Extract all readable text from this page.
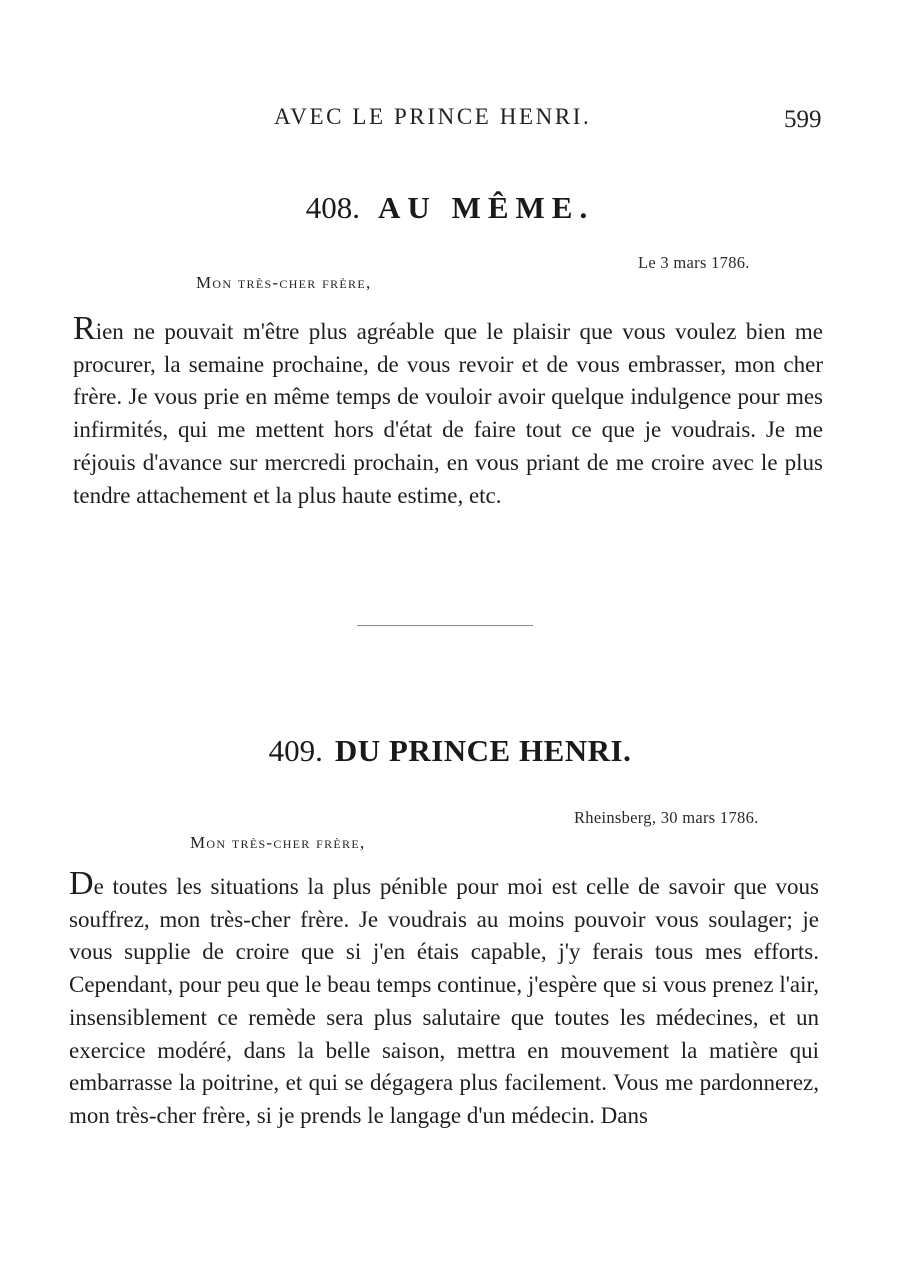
AVEC LE PRINCE HENRI.	599
408. AU MÊME.
Le 3 mars 1786.
Mon très-cher frère,

Rien ne pouvait m'être plus agréable que le plaisir que vous voulez bien me procurer, la semaine prochaine, de vous revoir et de vous embrasser, mon cher frère. Je vous prie en même temps de vouloir avoir quelque indulgence pour mes infirmités, qui me mettent hors d'état de faire tout ce que je voudrais. Je me réjouis d'avance sur mercredi prochain, en vous priant de me croire avec le plus tendre attachement et la plus haute estime, etc.

409. DU PRINCE HENRI.
Rheinsberg, 30 mars 1786.
Mon très-cher frère,

De toutes les situations la plus pénible pour moi est celle de savoir que vous souffrez, mon très-cher frère. Je voudrais au moins pouvoir vous soulager; je vous supplie de croire que si j'en étais capable, j'y ferais tous mes efforts. Cependant, pour peu que le beau temps continue, j'espère que si vous prenez l'air, insensiblement ce remède sera plus salutaire que toutes les médecines, et un exercice modéré, dans la belle saison, mettra en mouvement la matière qui embarrasse la poitrine, et qui se dégagera plus facilement. Vous me pardonnerez, mon très-cher frère, si je prends le langage d'un médecin. Dans
